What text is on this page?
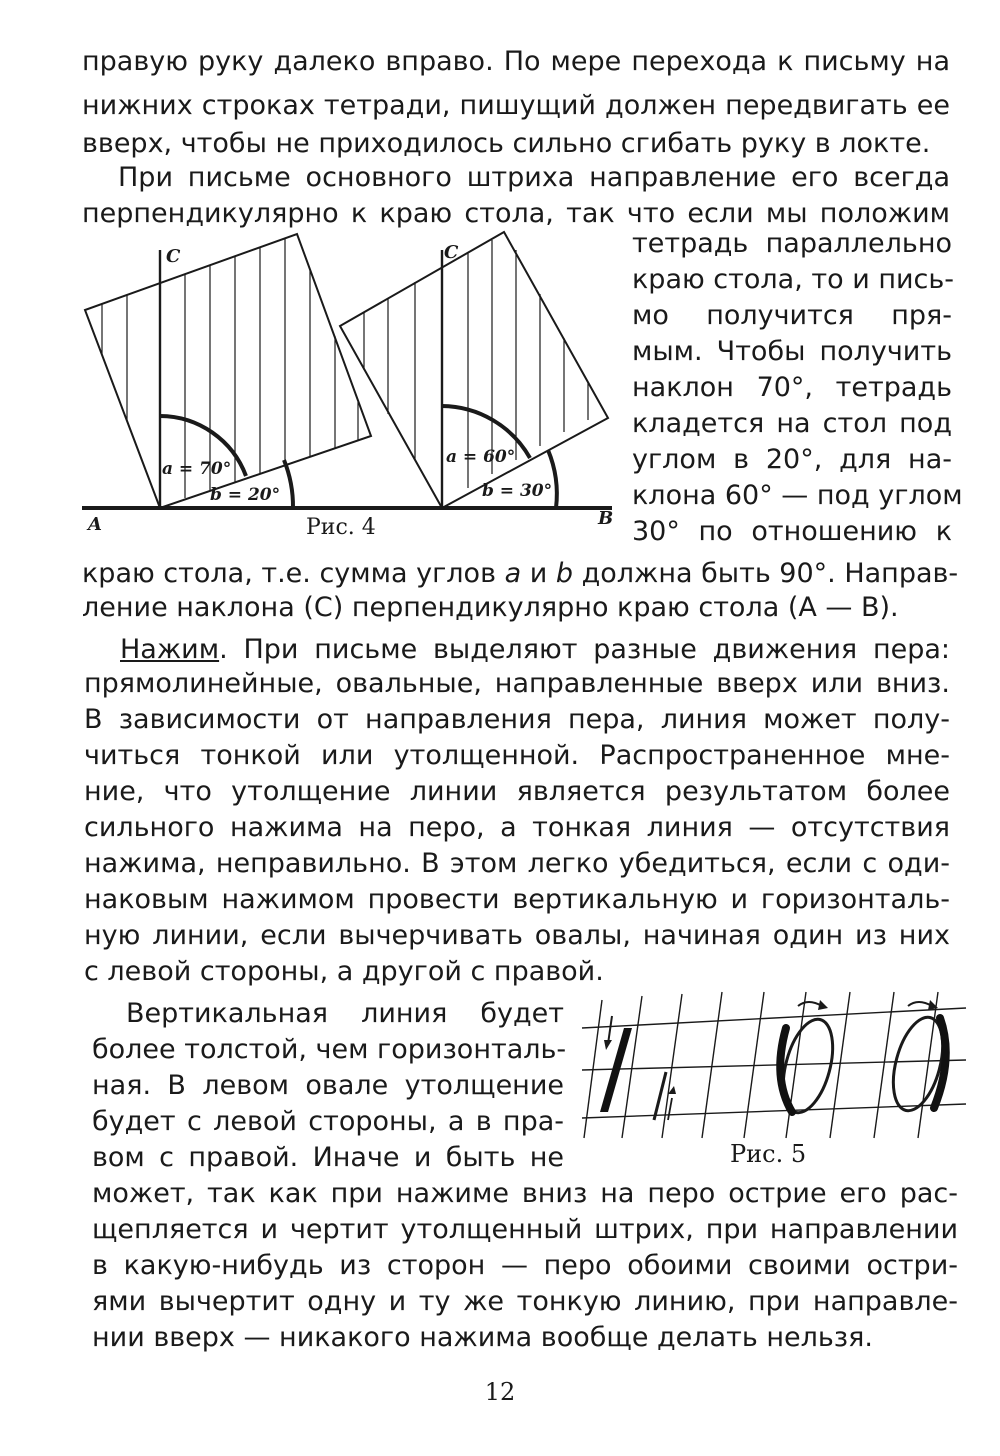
правую руку далеко вправо. По мере перехода к письму на
нижних строках тетради, пишущий должен передвигать ее
вверх, чтобы не приходилось сильно сгибать руку в локте.
При письме основного штриха направление его всегда
перпендикулярно к краю стола, так что если мы положим
тетрадь параллельно
краю стола, то и пись-
мо получится пря-
мым. Чтобы получить
наклон 70°, тетрадь
кладется на стол под
углом в 20°, для на-
клона 60° — под углом
30° по отношению к
краю стола, т.е. сумма углов a и b должна быть 90°. Направ-
ление наклона (С) перпендикулярно краю стола (А — В).
C	C
a = 70°
b = 20°
a = 60°
b = 30°
A	B
Рис. 4
Нажим. При письме выделяют разные движения пера:
прямолинейные, овальные, направленные вверх или вниз.
В зависимости от направления пера, линия может полу-
читься тонкой или утолщенной. Распространенное мне-
ние, что утолщение линии является результатом более
сильного нажима на перо, а тонкая линия — отсутствия
нажима, неправильно. В этом легко убедиться, если с оди-
наковым нажимом провести вертикальную и горизонталь-
ную линии, если вычерчивать овалы, начиная один из них
с левой стороны, а другой с правой.
Вертикальная линия будет
более толстой, чем горизонталь-
ная. В левом овале утолщение
будет с левой стороны, а в пра-
вом с правой. Иначе и быть не
может, так как при нажиме вниз на перо острие его рас-
щепляется и чертит утолщенный штрих, при направлении
в какую-нибудь из сторон — перо обоими своими остри-
ями вычертит одну и ту же тонкую линию, при направле-
нии вверх — никакого нажима вообще делать нельзя.
Рис. 5
12
